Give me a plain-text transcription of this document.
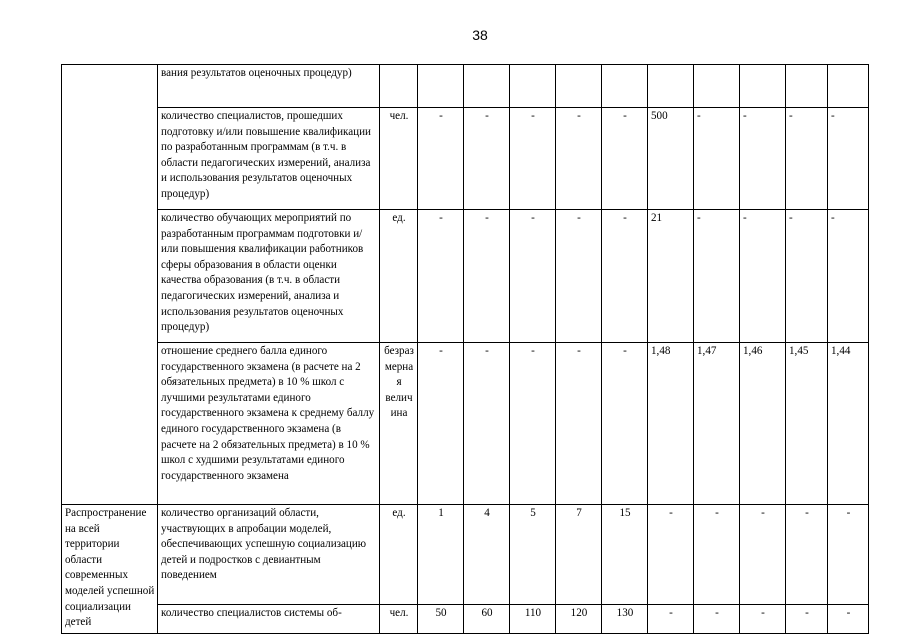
38
	вания результатов оценочных процедур)											
	количество специалистов, прошедших подготовку и/или повышение квалификации по разработанным программам (в т.ч. в области педагогических измерений, анализа и использования результатов оценочных процедур)	чел.	-	-	-	-	-	500	-	-	-	-
	количество обучающих мероприятий по разработанным программам подготовки и/или повышения квалификации работников сферы образования в области оценки качества образования (в т.ч. в области педагогических измерений, анализа и использования результатов оценочных процедур)	ед.	-	-	-	-	-	21	-	-	-	-
	отношение среднего балла единого государственного экзамена (в расчете на 2 обязательных предмета) в 10 % школ с лучшими результатами единого государственного экзамена к среднему баллу единого государственного экзамена (в расчете на 2 обязательных предмета) в 10 % школ с худшими результатами единого государственного экзамена	безразмерная величина	-	-	-	-	-	1,48	1,47	1,46	1,45	1,44
Распространение на всей территории области современных моделей успешной социализации детей	количество организаций области, участвующих в апробации моделей, обеспечивающих успешную социализацию детей и подростков с девиантным поведением	ед.	1	4	5	7	15	-	-	-	-	-
	количество специалистов системы об-	чел.	50	60	110	120	130	-	-	-	-	-
